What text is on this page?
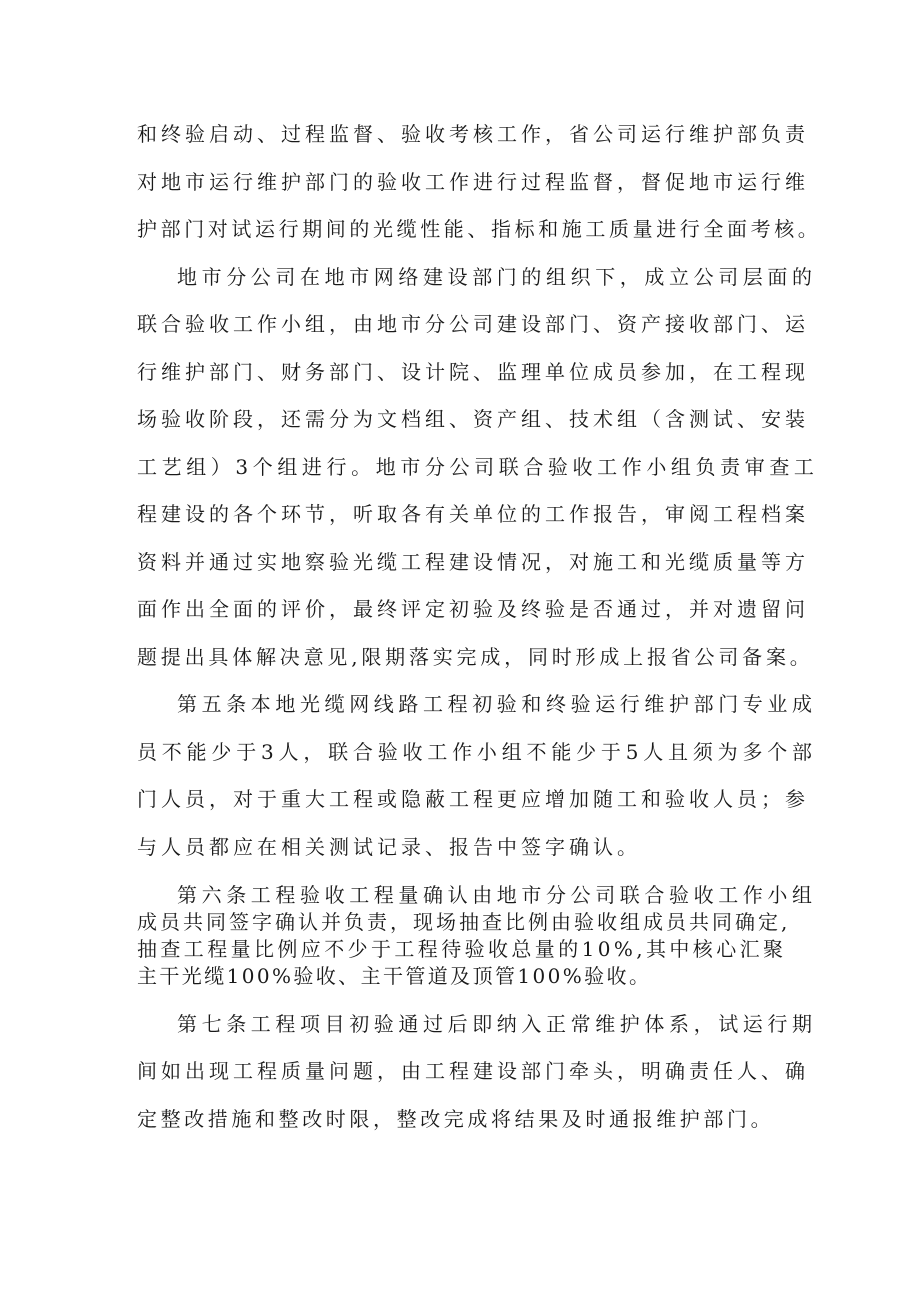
和终验启动、过程监督、验收考核工作，省公司运行维护部负责
对地市运行维护部门的验收工作进行过程监督，督促地市运行维
护部门对试运行期间的光缆性能、指标和施工质量进行全面考核。
地市分公司在地市网络建设部门的组织下，成立公司层面的
联合验收工作小组，由地市分公司建设部门、资产接收部门、运
行维护部门、财务部门、设计院、监理单位成员参加，在工程现
场验收阶段，还需分为文档组、资产组、技术组（含测试、安装
工艺组）3个组进行。地市分公司联合验收工作小组负责审查工
程建设的各个环节，听取各有关单位的工作报告，审阅工程档案
资料并通过实地察验光缆工程建设情况，对施工和光缆质量等方
面作出全面的评价，最终评定初验及终验是否通过，并对遗留问
题提出具体解决意见,限期落实完成，同时形成上报省公司备案。
第五条本地光缆网线路工程初验和终验运行维护部门专业成
员不能少于3人，联合验收工作小组不能少于5人且须为多个部
门人员，对于重大工程或隐蔽工程更应增加随工和验收人员；参
与人员都应在相关测试记录、报告中签字确认。
第六条工程验收工程量确认由地市分公司联合验收工作小组
成员共同签字确认并负责，现场抽查比例由验收组成员共同确定,
抽查工程量比例应不少于工程待验收总量的10%,其中核心汇聚
主干光缆100%验收、主干管道及顶管100%验收。
第七条工程项目初验通过后即纳入正常维护体系，试运行期
间如出现工程质量问题，由工程建设部门牵头，明确责任人、确
定整改措施和整改时限，整改完成将结果及时通报维护部门。
